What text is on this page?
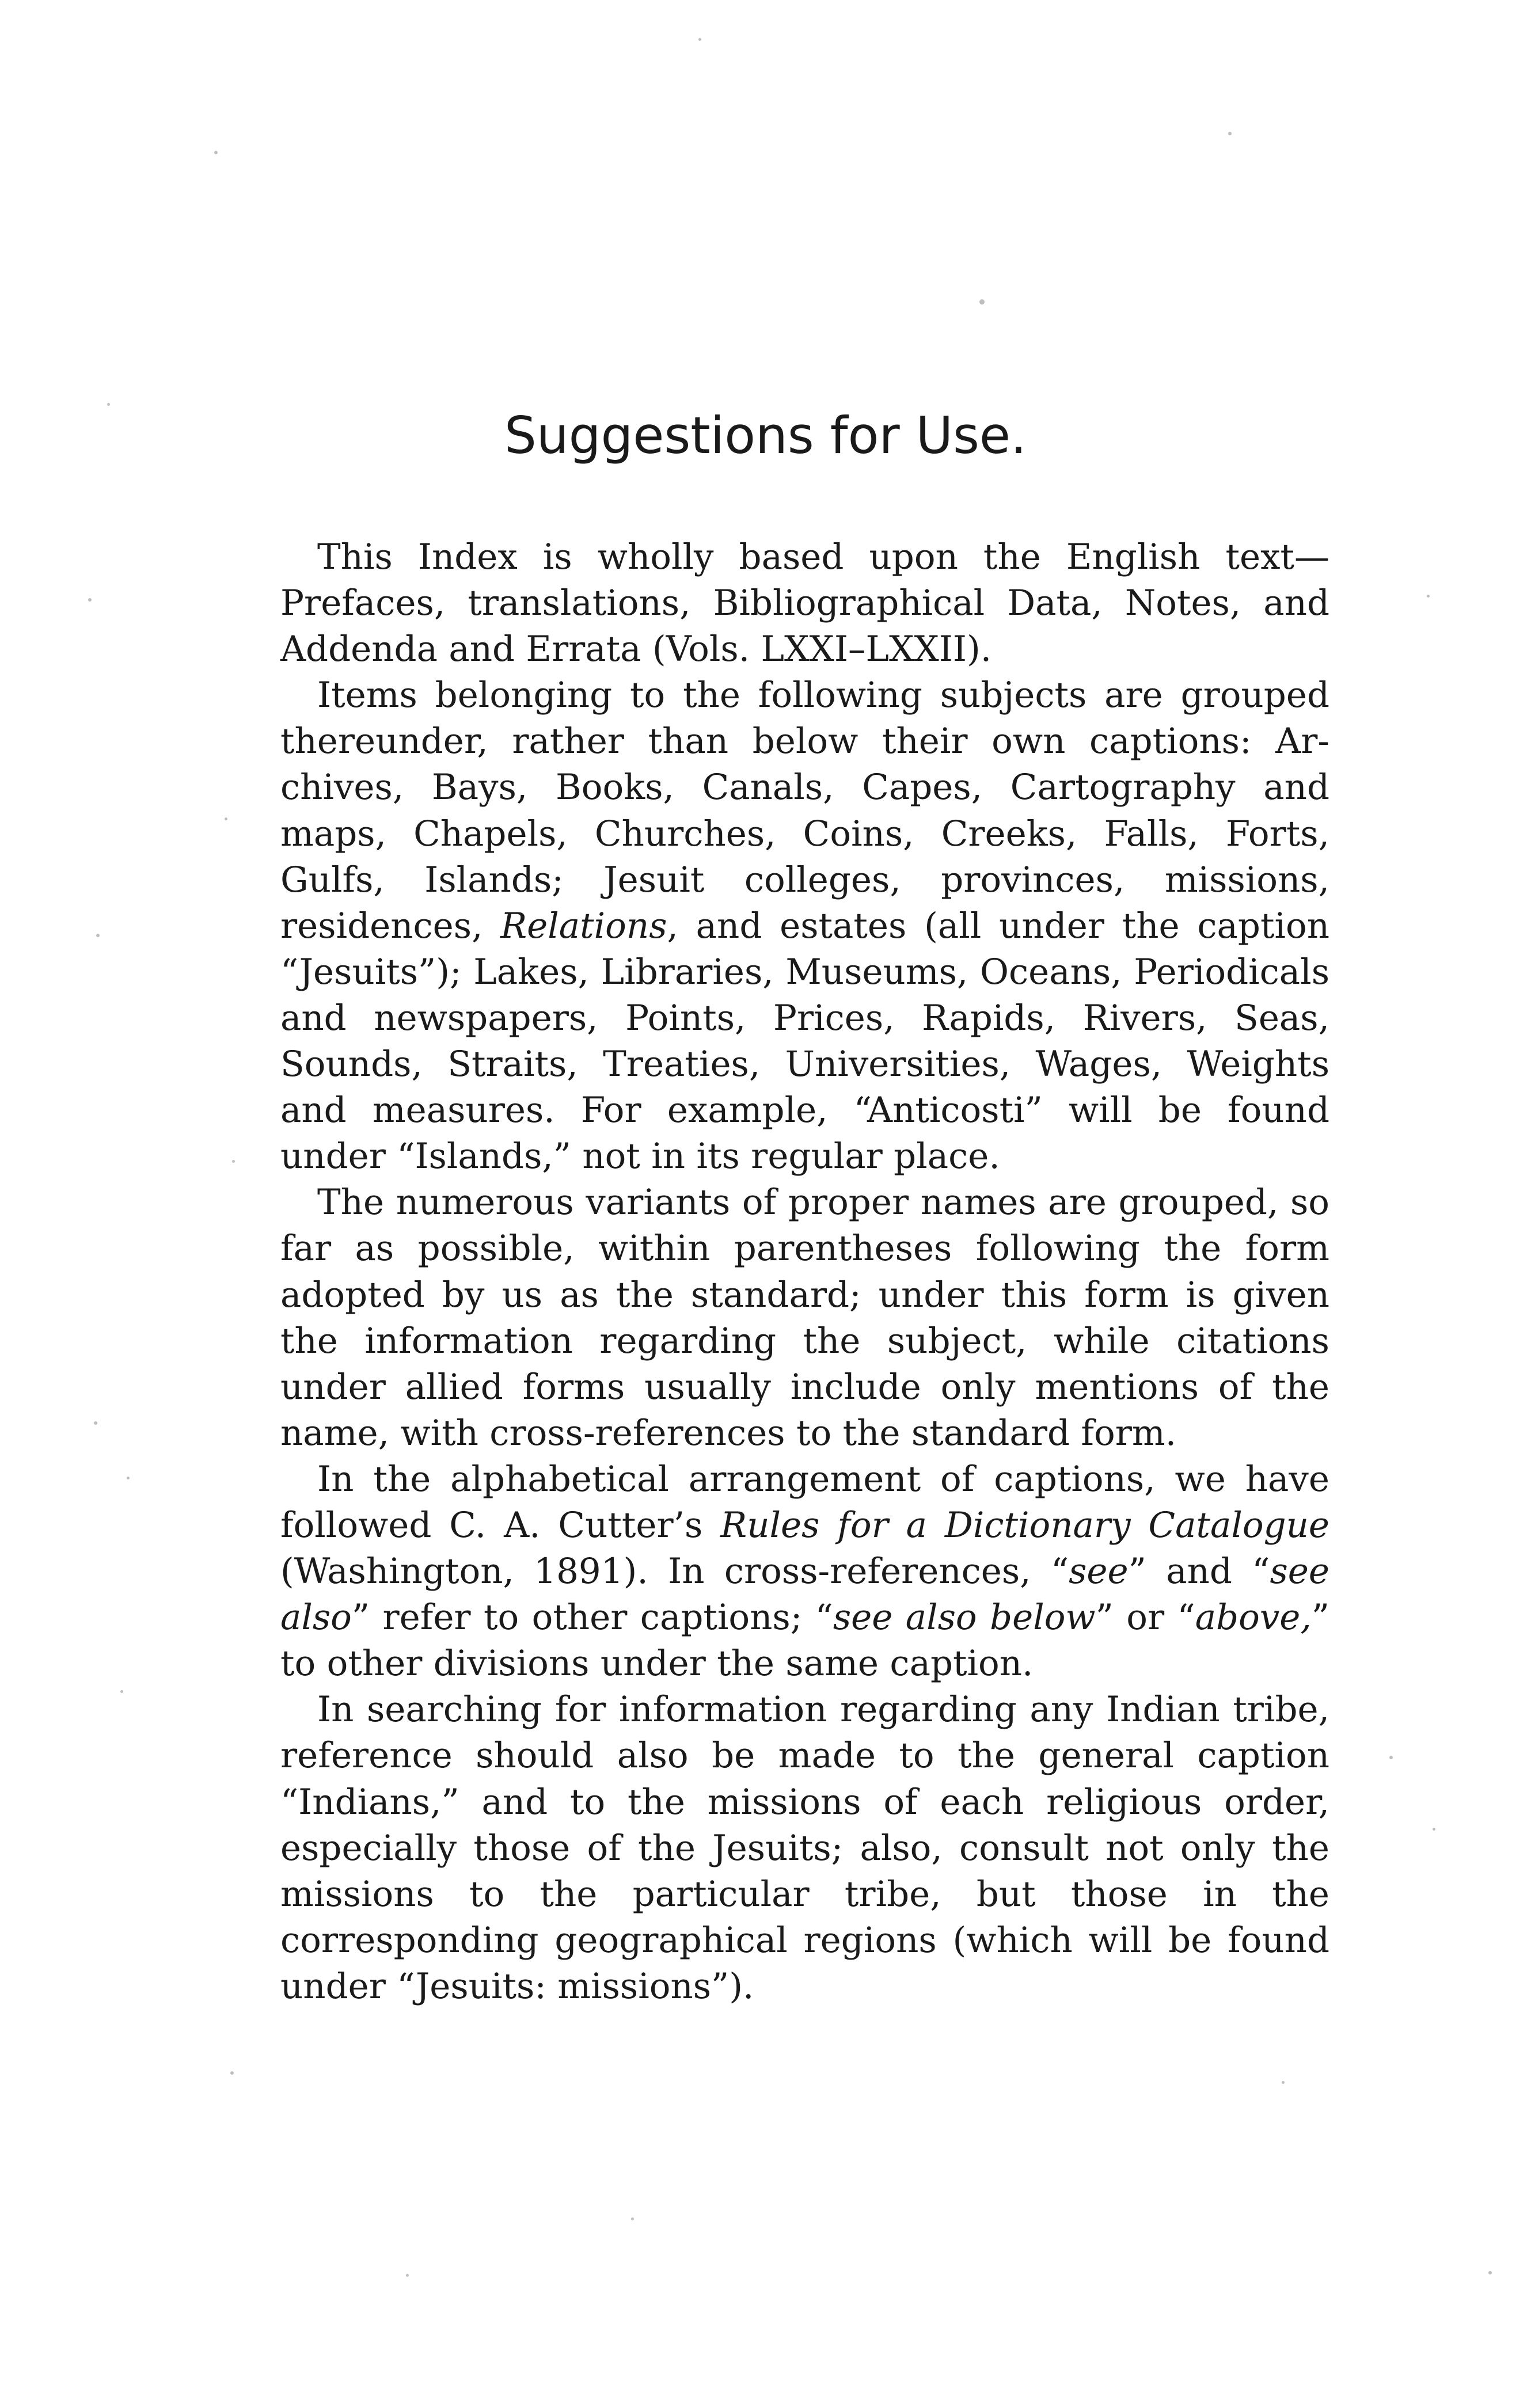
Suggestions for Use.

This Index is wholly based upon the English text—Prefaces, translations, Bibliographical Data, Notes, and Addenda and Errata (Vols. LXXI–LXXII).

Items belonging to the following subjects are grouped thereunder, rather than below their own captions: Archives, Bays, Books, Canals, Capes, Cartography and maps, Chapels, Churches, Coins, Creeks, Falls, Forts, Gulfs, Islands; Jesuit colleges, provinces, missions, residences, Relations, and estates (all under the caption “Jesuits”); Lakes, Libraries, Museums, Oceans, Periodicals and newspapers, Points, Prices, Rapids, Rivers, Seas, Sounds, Straits, Treaties, Universities, Wages, Weights and measures. For example, “Anticosti” will be found under “Islands,” not in its regular place.

The numerous variants of proper names are grouped, so far as possible, within parentheses following the form adopted by us as the standard; under this form is given the information regarding the subject, while citations under allied forms usually include only mentions of the name, with cross-references to the standard form.

In the alphabetical arrangement of captions, we have followed C. A. Cutter’s Rules for a Dictionary Catalogue (Washington, 1891). In cross-references, “see” and “see also” refer to other captions; “see also below” or “above,” to other divisions under the same caption.

In searching for information regarding any Indian tribe, reference should also be made to the general caption “Indians,” and to the missions of each religious order, especially those of the Jesuits; also, consult not only the missions to the particular tribe, but those in the corresponding geographical regions (which will be found under “Jesuits: missions”).
